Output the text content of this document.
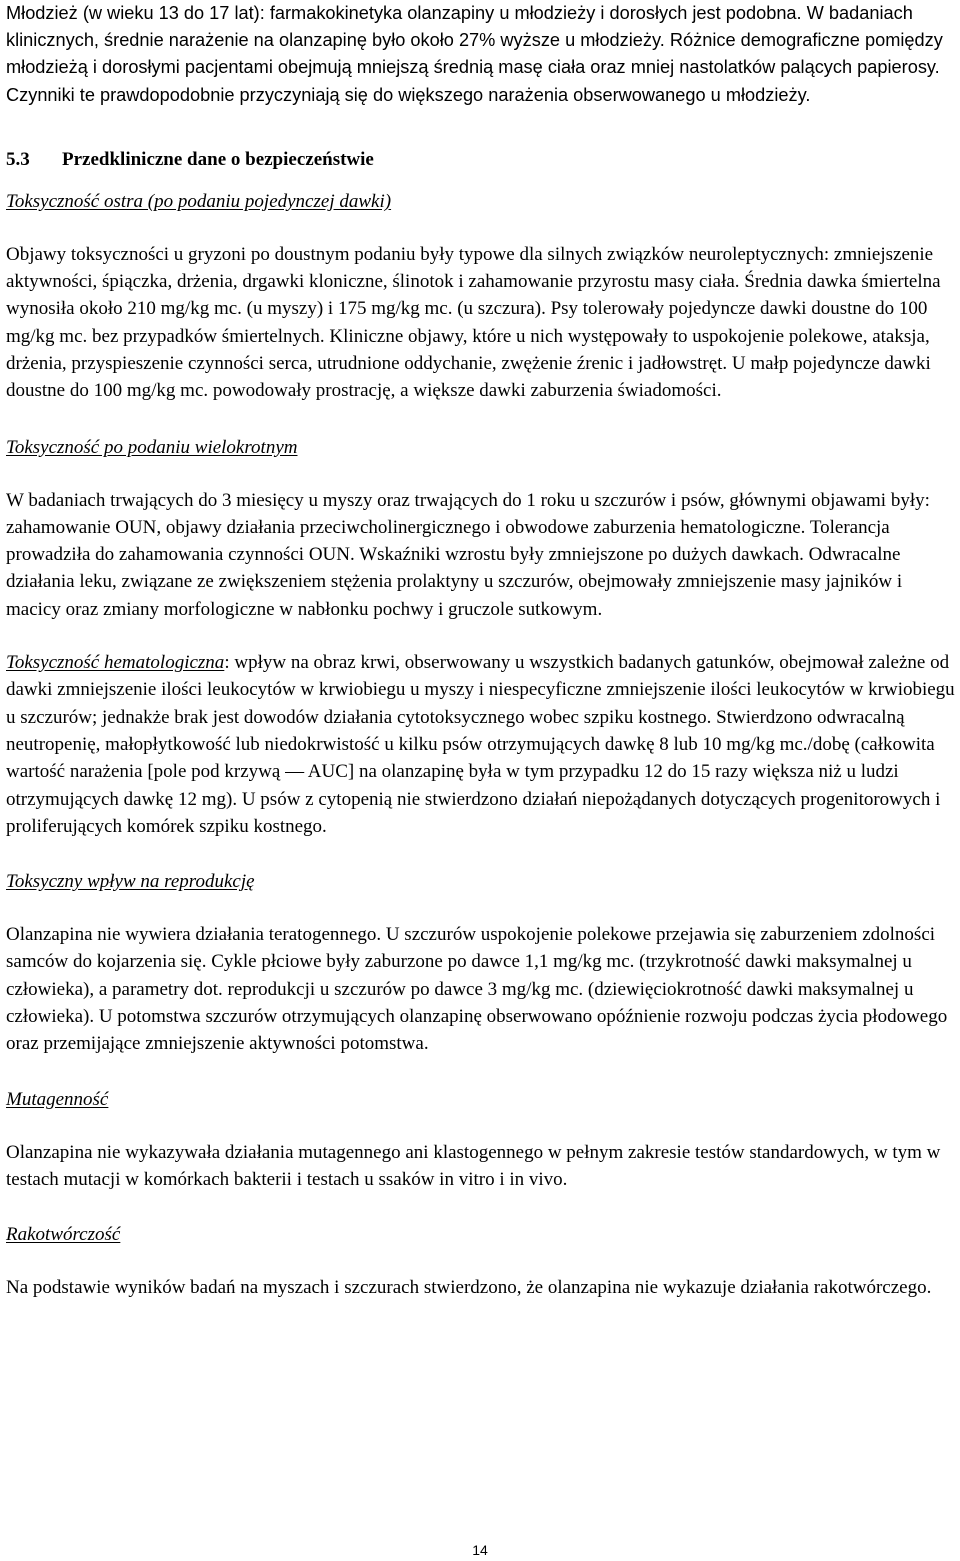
Młodzież (w wieku 13 do 17 lat): farmakokinetyka olanzapiny u młodzieży i dorosłych jest podobna. W badaniach klinicznych, średnie narażenie na olanzapinę było około 27% wyższe u młodzieży. Różnice demograficzne pomiędzy młodzieżą i dorosłymi pacjentami obejmują mniejszą średnią masę ciała oraz mniej nastolatków palących papierosy. Czynniki te prawdopodobnie przyczyniają się do większego narażenia obserwowanego u młodzieży.

5.3 Przedkliniczne dane o bezpieczeństwie

Toksyczność ostra (po podaniu pojedynczej dawki)

Objawy toksyczności u gryzoni po doustnym podaniu były typowe dla silnych związków neuroleptycznych: zmniejszenie aktywności, śpiączka, drżenia, drgawki kloniczne, ślinotok i zahamowanie przyrostu masy ciała. Średnia dawka śmiertelna wynosiła około 210 mg/kg mc. (u myszy) i 175 mg/kg mc. (u szczura). Psy tolerowały pojedyncze dawki doustne do 100 mg/kg mc. bez przypadków śmiertelnych. Kliniczne objawy, które u nich występowały to uspokojenie polekowe, ataksja, drżenia, przyspieszenie czynności serca, utrudnione oddychanie, zwężenie źrenic i jadłowstręt. U małp pojedyncze dawki doustne do 100 mg/kg mc. powodowały prostrację, a większe dawki zaburzenia świadomości.

Toksyczność po podaniu wielokrotnym

W badaniach trwających do 3 miesięcy u myszy oraz trwających do 1 roku u szczurów i psów, głównymi objawami były: zahamowanie OUN, objawy działania przeciwcholinergicznego i obwodowe zaburzenia hematologiczne. Tolerancja prowadziła do zahamowania czynności OUN. Wskaźniki wzrostu były zmniejszone po dużych dawkach. Odwracalne działania leku, związane ze zwiększeniem stężenia prolaktyny u szczurów, obejmowały zmniejszenie masy jajników i macicy oraz zmiany morfologiczne w nabłonku pochwy i gruczole sutkowym.

Toksyczność hematologiczna: wpływ na obraz krwi, obserwowany u wszystkich badanych gatunków, obejmował zależne od dawki zmniejszenie ilości leukocytów w krwiobiegu u myszy i niespecyficzne zmniejszenie ilości leukocytów w krwiobiegu u szczurów; jednakże brak jest dowodów działania cytotoksycznego wobec szpiku kostnego. Stwierdzono odwracalną neutropenię, małopłytkowość lub niedokrwistość u kilku psów otrzymujących dawkę 8 lub 10 mg/kg mc./dobę (całkowita wartość narażenia [pole pod krzywą — AUC] na olanzapinę była w tym przypadku 12 do 15 razy większa niż u ludzi otrzymujących dawkę 12 mg). U psów z cytopenią nie stwierdzono działań niepożądanych dotyczących progenitorowych i proliferujących komórek szpiku kostnego.

Toksyczny wpływ na reprodukcję

Olanzapina nie wywiera działania teratogennego. U szczurów uspokojenie polekowe przejawia się zaburzeniem zdolności samców do kojarzenia się. Cykle płciowe były zaburzone po dawce 1,1 mg/kg mc. (trzykrotność dawki maksymalnej u człowieka), a parametry dot. reprodukcji u szczurów po dawce 3 mg/kg mc. (dziewięciokrotność dawki maksymalnej u człowieka). U potomstwa szczurów otrzymujących olanzapinę obserwowano opóźnienie rozwoju podczas życia płodowego oraz przemijające zmniejszenie aktywności potomstwa.

Mutagenność

Olanzapina nie wykazywała działania mutagennego ani klastogennego w pełnym zakresie testów standardowych, w tym w testach mutacji w komórkach bakterii i testach u ssaków in vitro i in vivo.

Rakotwórczość

Na podstawie wyników badań na myszach i szczurach stwierdzono, że olanzapina nie wykazuje działania rakotwórczego.

14
